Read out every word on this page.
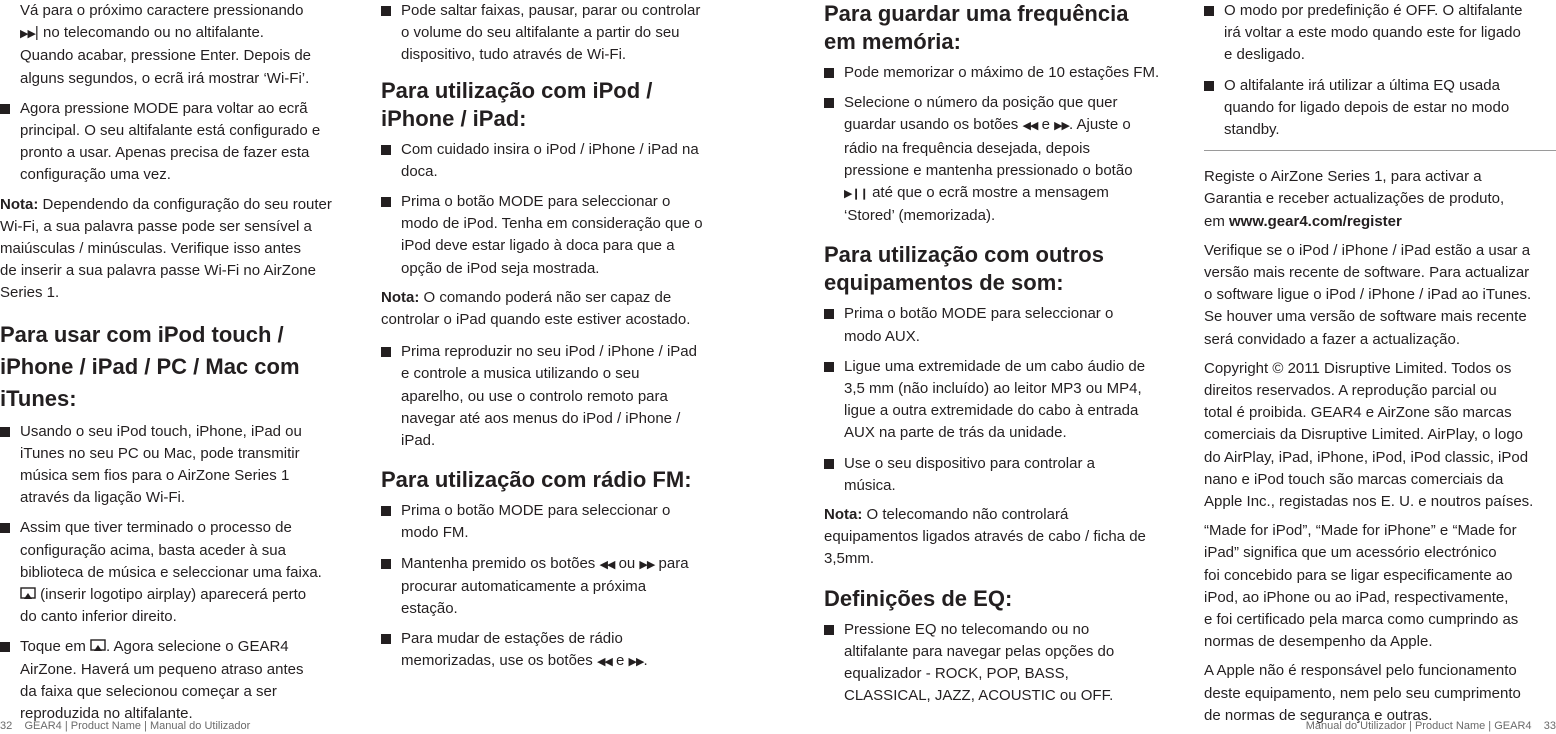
Vá para o próximo caractere pressionando

▶▶| no telecomando ou no altifalante.

Quando acabar, pressione Enter. Depois de

alguns segundos, o ecrã irá mostrar ‘Wi-Fi’.

Agora pressione MODE para voltar ao ecrã

principal. O seu altifalante está configurado e

pronto a usar. Apenas precisa de fazer esta

configuração uma vez.

Nota: Dependendo da configuração do seu router

Wi-Fi, a sua palavra passe pode ser sensível a

maiúsculas / minúsculas. Verifique isso antes

de inserir a sua palavra passe Wi-Fi no AirZone

Series 1.

Para usar com iPod touch /

iPhone / iPad / PC / Mac com

iTunes:

Usando o seu iPod touch, iPhone, iPad ou

iTunes no seu PC ou Mac, pode transmitir

música sem fios para o AirZone Series 1

através da ligação Wi-Fi.

Assim que tiver terminado o processo de

configuração acima, basta aceder à sua

biblioteca de música e seleccionar uma faixa.

(inserir logotipo airplay) aparecerá perto

do canto inferior direito.

Toque em . Agora selecione o GEAR4

AirZone. Haverá um pequeno atraso antes

da faixa que selecionou começar a ser

reproduzida no altifalante.

Pode saltar faixas, pausar, parar ou controlar

o volume do seu altifalante a partir do seu

dispositivo, tudo através de Wi-Fi.

Para utilização com iPod /

iPhone / iPad:

Com cuidado insira o iPod / iPhone / iPad na

doca.

Prima o botão MODE para seleccionar o

modo de iPod. Tenha em consideração que o

iPod deve estar ligado à doca para que a

opção de iPod seja mostrada.

Nota: O comando poderá não ser capaz de

controlar o iPad quando este estiver acostado.

Prima reproduzir no seu iPod / iPhone / iPad

e controle a musica utilizando o seu

aparelho, ou use o controlo remoto para

navegar até aos menus do iPod / iPhone /

iPad.

Para utilização com rádio FM:

Prima o botão MODE para seleccionar o

modo FM.

Mantenha premido os botões ◀◀ ou ▶▶ para

procurar automaticamente a próxima

estação.

Para mudar de estações de rádio

memorizadas, use os botões ◀◀ e ▶▶.

Para guardar uma frequência

em memória:

Pode memorizar o máximo de 10 estações FM.

Selecione o número da posição que quer

guardar usando os botões ◀◀ e ▶▶. Ajuste o

rádio na frequência desejada, depois

pressione e mantenha pressionado o botão

▶❙❙ até que o ecrã mostre a mensagem

‘Stored’ (memorizada).

Para utilização com outros

equipamentos de som:

Prima o botão MODE para seleccionar o

modo AUX.

Ligue uma extremidade de um cabo áudio de

3,5 mm (não incluído) ao leitor MP3 ou MP4,

ligue a outra extremidade do cabo à entrada

AUX na parte de trás da unidade.

Use o seu dispositivo para controlar a

música.

Nota: O telecomando não controlará

equipamentos ligados através de cabo / ficha de

3,5mm.

Definições de EQ:

Pressione EQ no telecomando ou no

altifalante para navegar pelas opções do

equalizador - ROCK, POP, BASS,

CLASSICAL, JAZZ, ACOUSTIC ou OFF.

O modo por predefinição é OFF. O altifalante

irá voltar a este modo quando este for ligado

e desligado.

O altifalante irá utilizar a última EQ usada

quando for ligado depois de estar no modo

standby.

Registe o AirZone Series 1, para activar a

Garantia e receber actualizações de produto,

em www.gear4.com/register

Verifique se o iPod / iPhone / iPad estão a usar a

versão mais recente de software. Para actualizar

o software ligue o iPod / iPhone / iPad ao iTunes.

Se houver uma versão de software mais recente

será convidado a fazer a actualização.

Copyright © 2011 Disruptive Limited. Todos os

direitos reservados. A reprodução parcial ou

total é proibida. GEAR4 e AirZone são marcas

comerciais da Disruptive Limited. AirPlay, o logo

do AirPlay, iPad, iPhone, iPod, iPod classic, iPod

nano e iPod touch são marcas comerciais da

Apple Inc., registadas nos E. U. e noutros países.

“Made for iPod”, “Made for iPhone” e “Made for

iPad” significa que um acessório electrónico

foi concebido para se ligar especificamente ao

iPod, ao iPhone ou ao iPad, respectivamente,

e foi certificado pela marca como cumprindo as

normas de desempenho da Apple.

A Apple não é responsável pelo funcionamento

deste equipamento, nem pelo seu cumprimento

de normas de segurança e outras.

32 GEAR4 | Product Name | Manual do Utilizador	Manual do Utilizador | Product Name | GEAR4 33
